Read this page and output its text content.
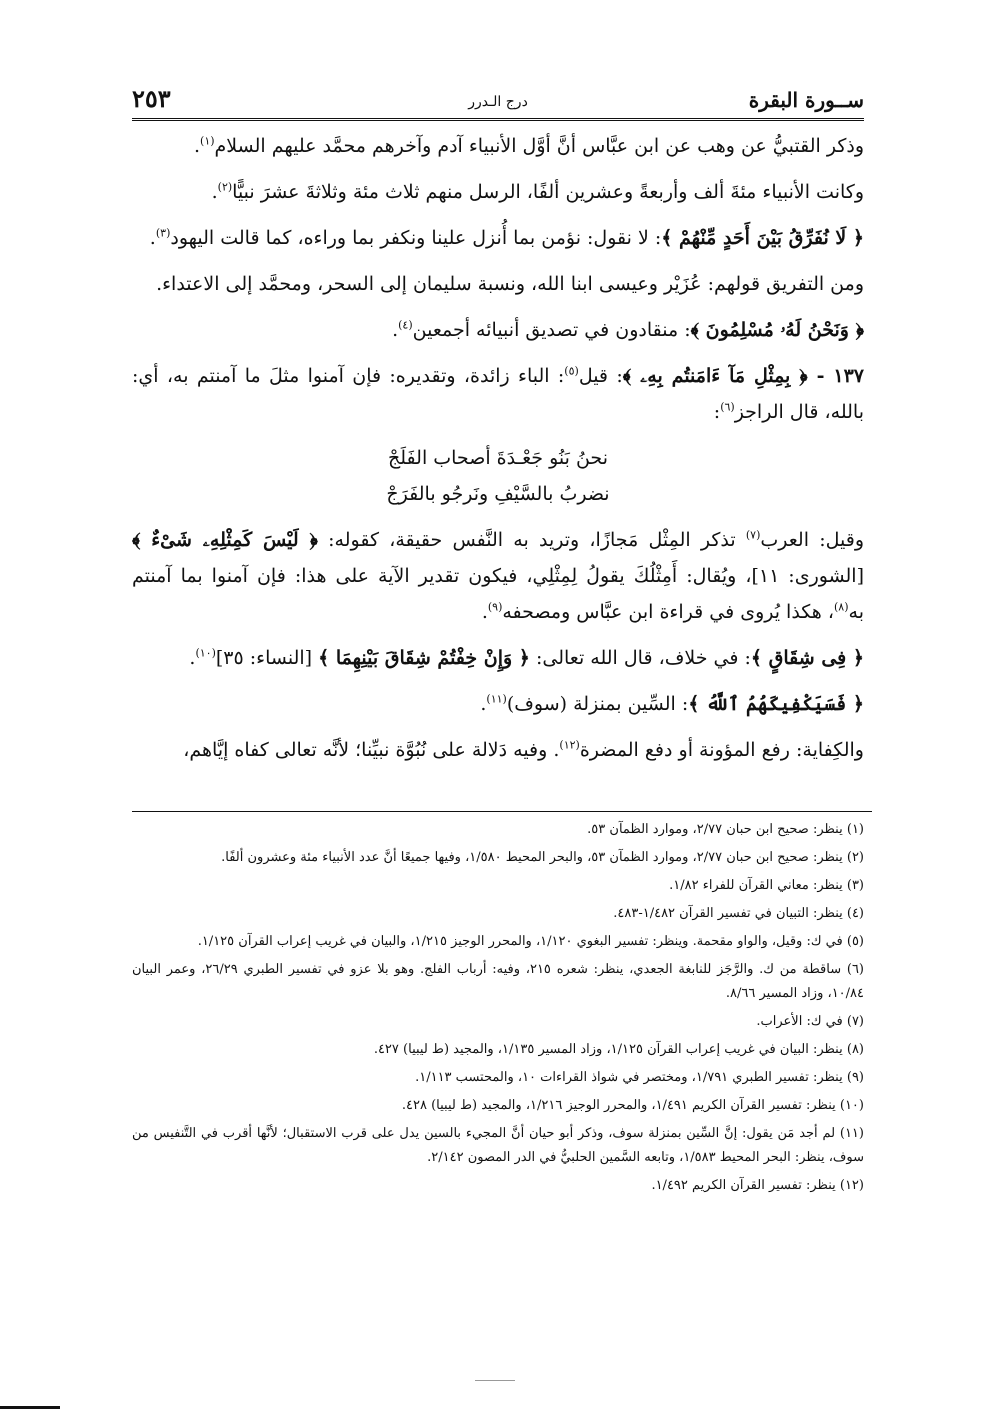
ســورة البقرة
درج الـدرر
٢٥٣

وذكر القتبيُّ عن وهب عن ابن عبَّاس أنَّ أوَّل الأنبياء آدم وآخرهم محمَّد عليهم السلام$^{(١)}$.

وكانت الأنبياء مئةَ ألف وأربعةً وعشرين ألفًا، الرسل منهم ثلاث مئة وثلاثةَ عشرَ نبيًّا$^{(٢)}$.

﴿ لَا نُفَرِّقُ بَيْنَ أَحَدٍ مِّنْهُمْ ﴾: لا نقول: نؤمن بما أُنزل علينا ونكفر بما وراءه، كما قالت اليهود$^{(٣)}$.

ومن التفريق قولهم: عُزَيْر وعيسى ابنا الله، ونسبة سليمان إلى السحر، ومحمَّد إلى الاعتداء.

﴿ وَنَحْنُ لَهُۥ مُسْلِمُونَ ﴾: منقادون في تصديق أنبيائه أجمعين$^{(٤)}$.

١٣٧ - ﴿ بِمِثْلِ مَآ ءَامَنتُم بِهِۦ ﴾: قيل$^{(٥)}$: الباء زائدة، وتقديره: فإن آمنوا مثلَ ما آمنتم به، أي: بالله، قال الراجز$^{(٦)}$:

نحنُ بَنُو جَعْـدَةَ أصحاب الفَلَجْ

نضربُ بالسَّيْفِ ونَرجُو بالفَرَجْ

وقيل: العرب$^{(٧)}$ تذكر المِثْل مَجازًا، وتريد به النَّفس حقيقة، كقوله: ﴿ لَيْسَ كَمِثْلِهِۦ شَىْءٌ ﴾ [الشورى: ١١]، ويُقال: أَمِثْلُكَ يقولُ لِمِثْلِي، فيكون تقدير الآية على هذا: فإن آمنوا بما آمنتم به$^{(٨)}$، هكذا يُروى في قراءة ابن عبَّاس ومصحفه$^{(٩)}$.

﴿ فِى شِقَاقٍ ﴾: في خلاف، قال الله تعالى: ﴿ وَإِنْ خِفْتُمْ شِقَاقَ بَيْنِهِمَا ﴾ [النساء: ٣٥]$^{(١٠)}$.

﴿ فَسَيَكْفِيكَهُمُ ٱللَّهُ ﴾: السِّين بمنزلة (سوف)$^{(١١)}$.

والكِفاية: رفع المؤونة أو دفع المضرة$^{(١٢)}$. وفيه دَلالة على نُبُوَّة نبيِّنا؛ لأنَّه تعالى كفاه إيَّاهم،

(١) ينظر: صحيح ابن حبان ٢/٧٧، وموارد الظمآن ٥٣.

(٢) ينظر: صحيح ابن حبان ٢/٧٧، وموارد الظمآن ٥٣، والبحر المحيط ١/٥٨٠، وفيها جميعًا أنَّ عدد الأنبياء مئة وعشرون ألفًا.

(٣) ينظر: معاني القرآن للفراء ١/٨٢.

(٤) ينظر: التبيان في تفسير القرآن ١/٤٨٢-٤٨٣.

(٥) في ك: وقيل، والواو مقحمة. وينظر: تفسير البغوي ١/١٢٠، والمحرر الوجيز ١/٢١٥، والبيان في غريب إعراب القرآن ١/١٢٥.

(٦) ساقطة من ك. والرَّجَز للنابغة الجعدي، ينظر: شعره ٢١٥، وفيه: أرباب الفلج. وهو بلا عزو في تفسير الطبري ٢٦/٢٩، وعمر البيان ١٠/٨٤، وزاد المسير ٨/٦٦.

(٧) في ك: الأعراب.

(٨) ينظر: البيان في غريب إعراب القرآن ١/١٢٥، وزاد المسير ١/١٣٥، والمجيد (ط ليبيا) ٤٢٧.

(٩) ينظر: تفسير الطبري ١/٧٩١، ومختصر في شواذ القراءات ١٠، والمحتسب ١/١١٣.

(١٠) ينظر: تفسير القرآن الكريم ١/٤٩١، والمحرر الوجيز ١/٢١٦، والمجيد (ط ليبيا) ٤٢٨.

(١١) لم أجد مَن يقول: إنَّ السِّين بمنزلة سوف، وذكر أبو حيان أنَّ المجيء بالسين يدل على قرب الاستقبال؛ لأنَّها أقرب في التَّنفيس من سوف، ينظر: البحر المحيط ١/٥٨٣، وتابعه السَّمين الحلبيُّ في الدر المصون ٢/١٤٢.

(١٢) ينظر: تفسير القرآن الكريم ١/٤٩٢.
